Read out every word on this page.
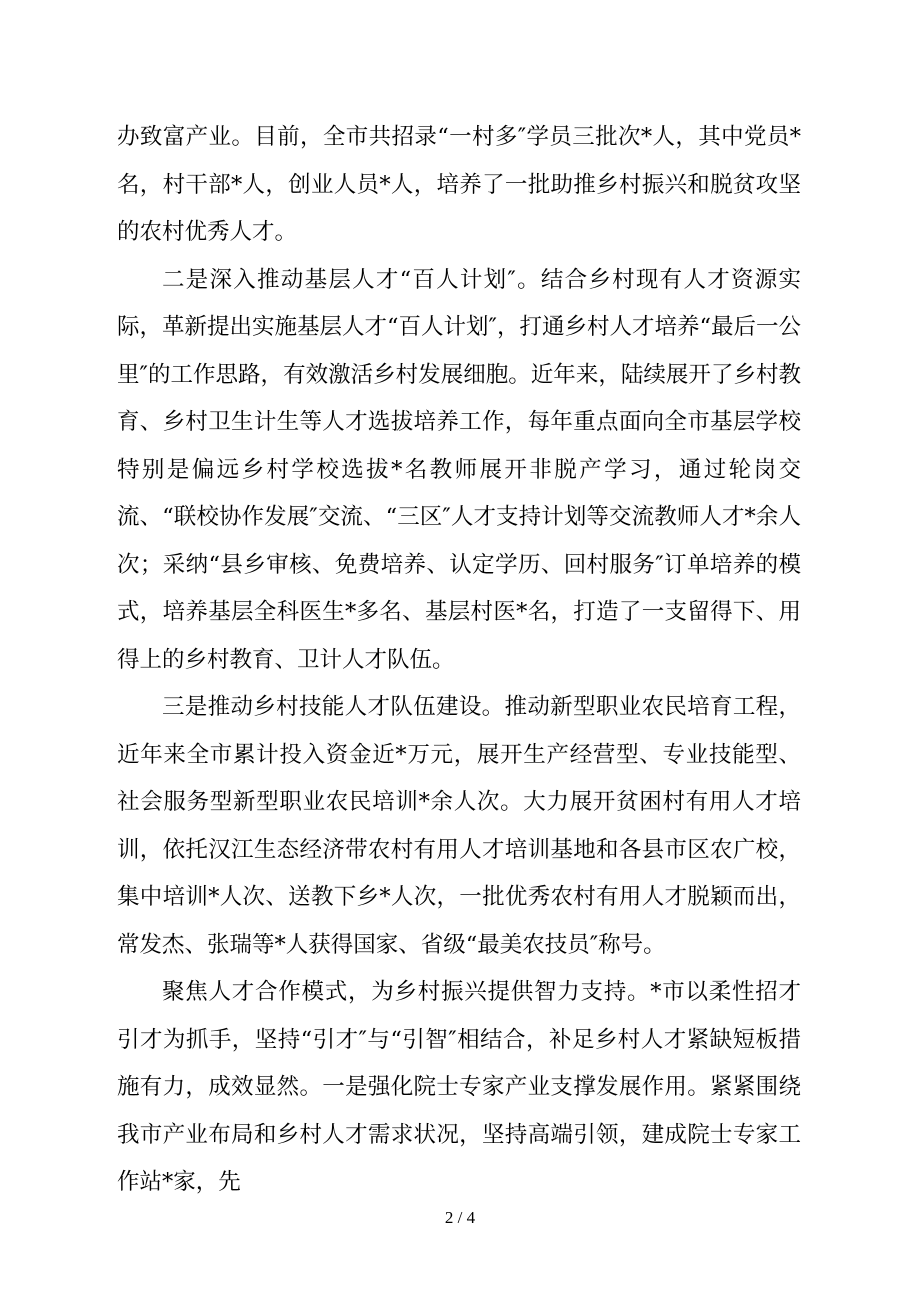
办致富产业。目前，全市共招录“一村多″学员三批次*人，其中党员*名，村干部*人，创业人员*人，培养了一批助推乡村振兴和脱贫攻坚的农村优秀人才。

二是深入推动基层人才“百人计划″。结合乡村现有人才资源实际，革新提出实施基层人才“百人计划″，打通乡村人才培养“最后一公里″的工作思路，有效激活乡村发展细胞。近年来，陆续展开了乡村教育、乡村卫生计生等人才选拔培养工作，每年重点面向全市基层学校特别是偏远乡村学校选拔*名教师展开非脱产学习，通过轮岗交流、“联校协作发展″交流、“三区″人才支持计划等交流教师人才*余人次；采纳“县乡审核、免费培养、认定学历、回村服务″订单培养的模式，培养基层全科医生*多名、基层村医*名，打造了一支留得下、用得上的乡村教育、卫计人才队伍。

三是推动乡村技能人才队伍建设。推动新型职业农民培育工程，近年来全市累计投入资金近*万元，展开生产经营型、专业技能型、社会服务型新型职业农民培训*余人次。大力展开贫困村有用人才培训，依托汉江生态经济带农村有用人才培训基地和各县市区农广校，集中培训*人次、送教下乡*人次，一批优秀农村有用人才脱颖而出，常发杰、张瑞等*人获得国家、省级“最美农技员″称号。

聚焦人才合作模式，为乡村振兴提供智力支持。*市以柔性招才引才为抓手，坚持“引才″与“引智″相结合，补足乡村人才紧缺短板措施有力，成效显然。一是强化院士专家产业支撑发展作用。紧紧围绕我市产业布局和乡村人才需求状况，坚持高端引领，建成院士专家工作站*家，先

2 / 4
